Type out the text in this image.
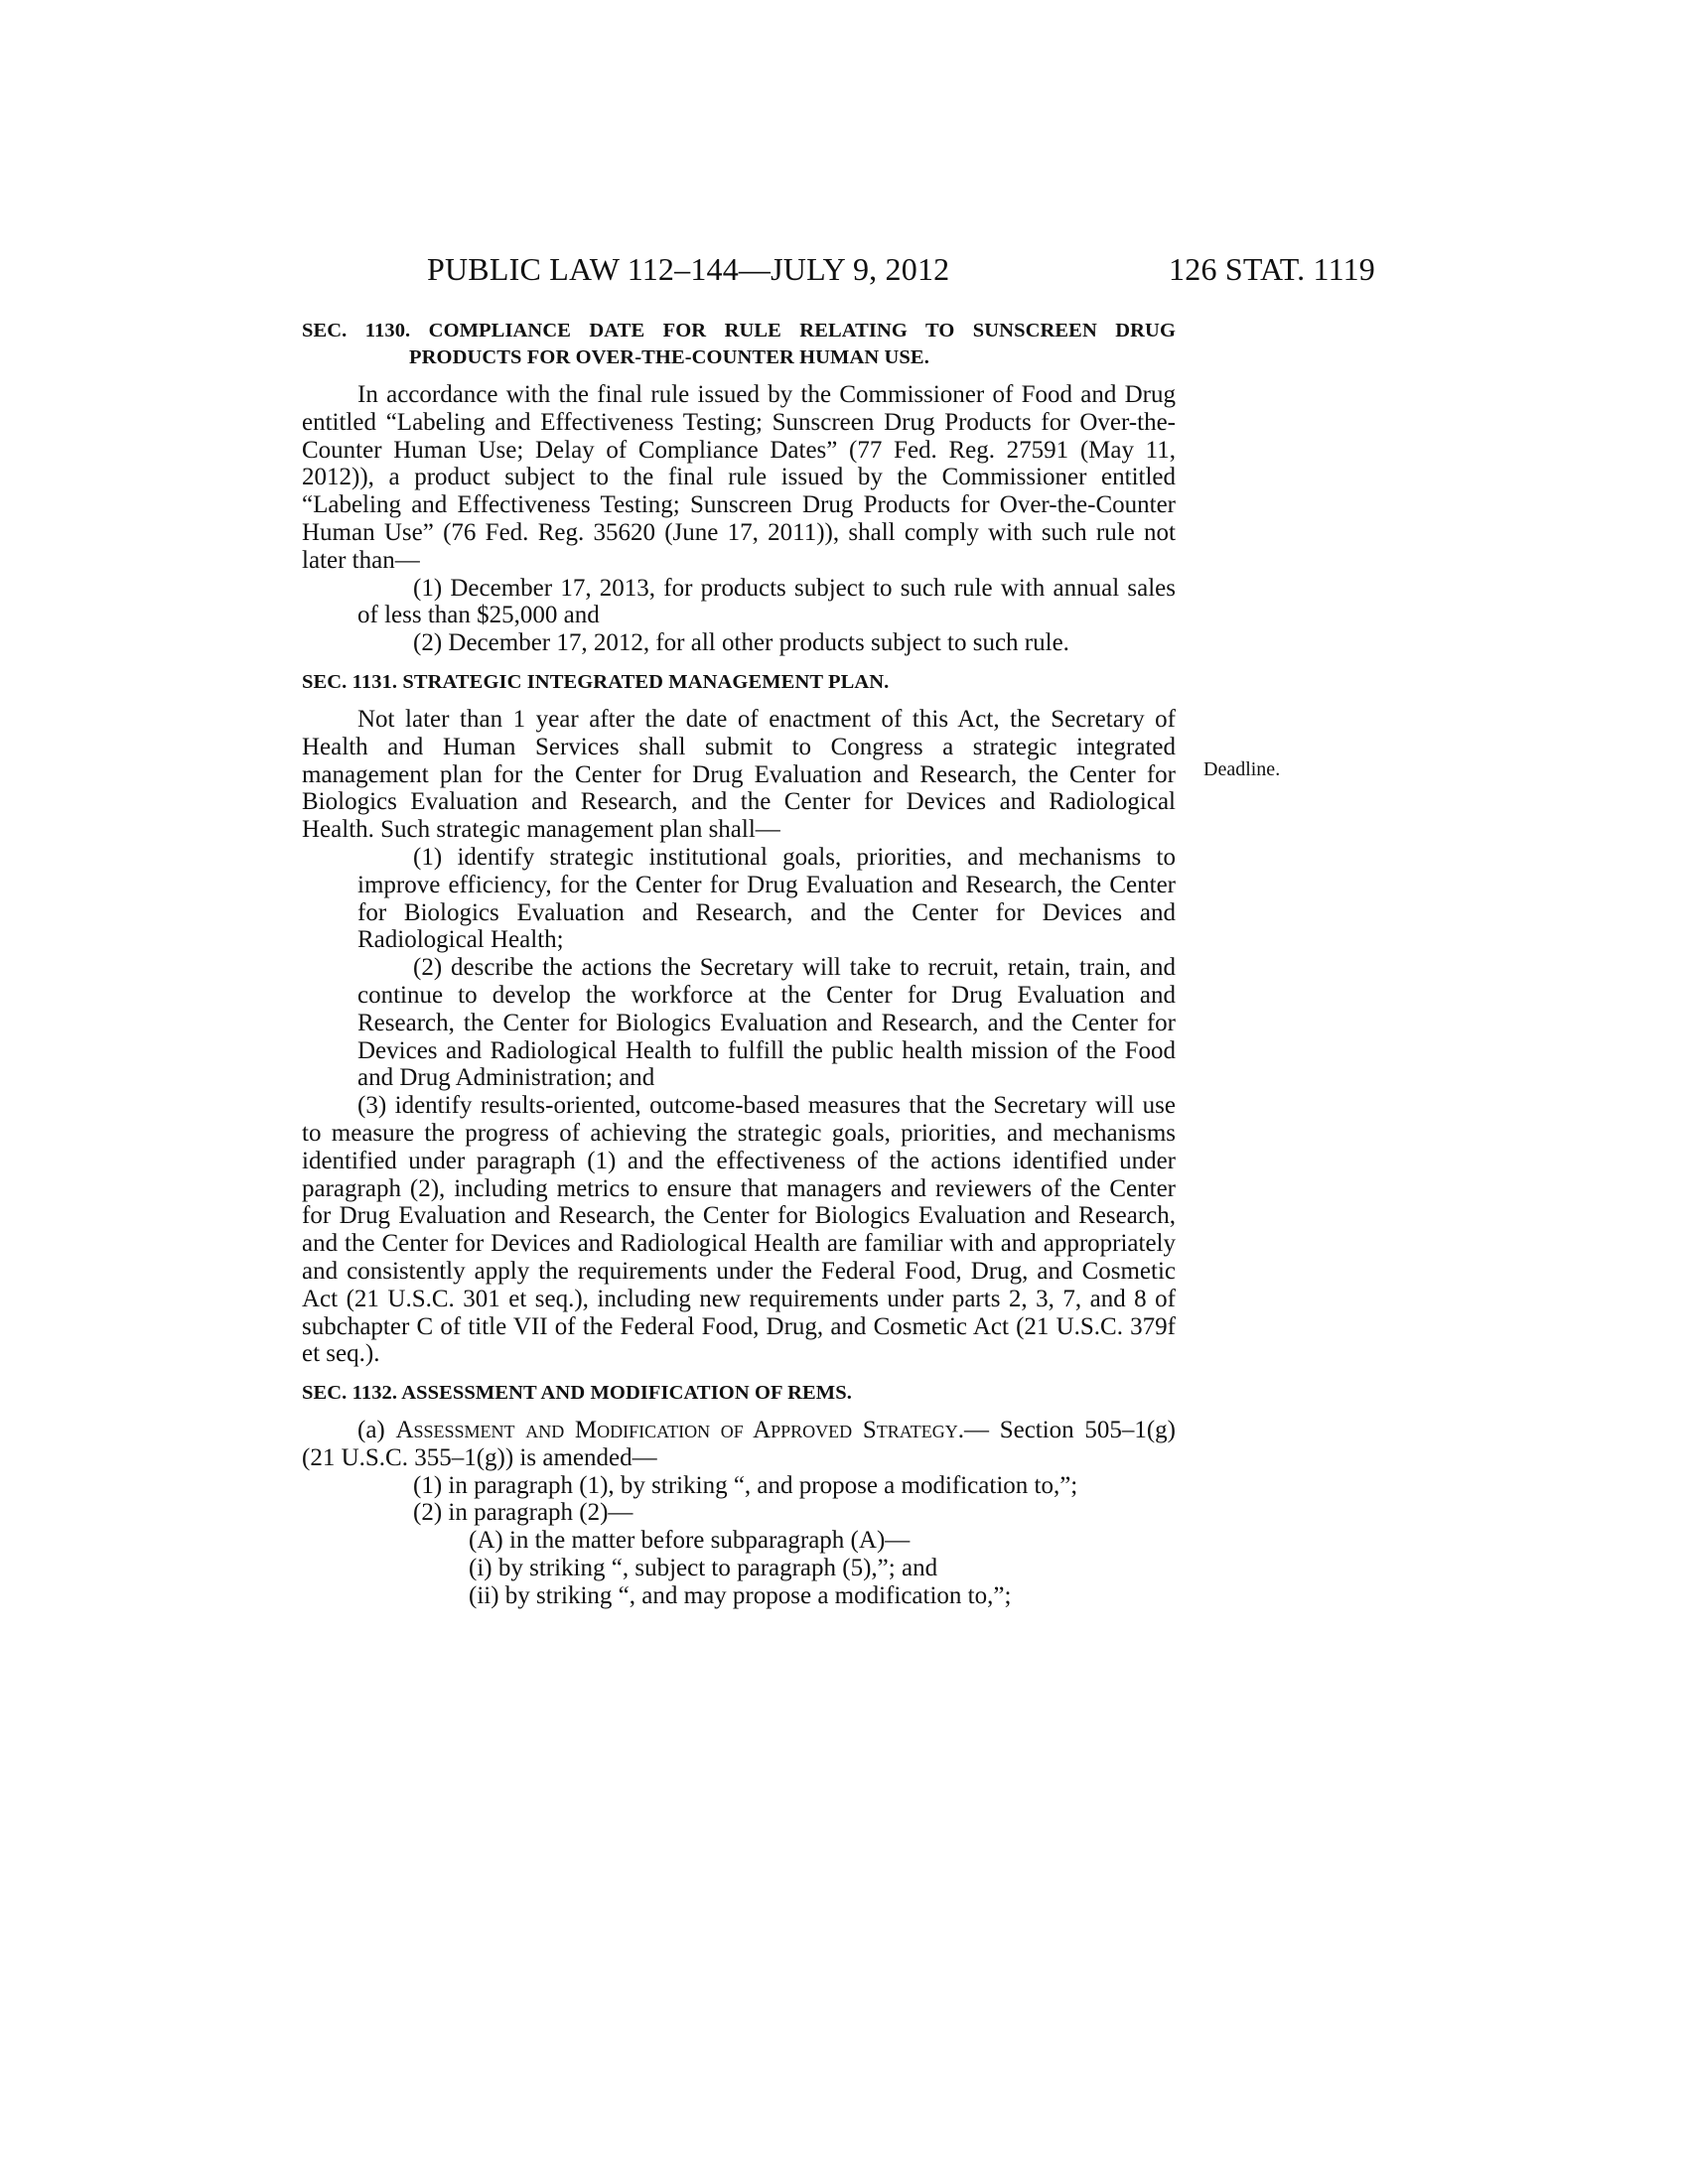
PUBLIC LAW 112–144—JULY 9, 2012	126 STAT. 1119
Deadline.
SEC. 1130. COMPLIANCE DATE FOR RULE RELATING TO SUNSCREEN DRUG PRODUCTS FOR OVER-THE-COUNTER HUMAN USE.

In accordance with the final rule issued by the Commissioner of Food and Drug entitled “Labeling and Effectiveness Testing; Sunscreen Drug Products for Over-the-Counter Human Use; Delay of Compliance Dates” (77 Fed. Reg. 27591 (May 11, 2012)), a product subject to the final rule issued by the Commissioner entitled “Labeling and Effectiveness Testing; Sunscreen Drug Products for Over-the-Counter Human Use” (76 Fed. Reg. 35620 (June 17, 2011)), shall comply with such rule not later than—

(1) December 17, 2013, for products subject to such rule with annual sales of less than $25,000 and

(2) December 17, 2012, for all other products subject to such rule.

SEC. 1131. STRATEGIC INTEGRATED MANAGEMENT PLAN.

Not later than 1 year after the date of enactment of this Act, the Secretary of Health and Human Services shall submit to Congress a strategic integrated management plan for the Center for Drug Evaluation and Research, the Center for Biologics Evaluation and Research, and the Center for Devices and Radiological Health. Such strategic management plan shall—

(1) identify strategic institutional goals, priorities, and mechanisms to improve efficiency, for the Center for Drug Evaluation and Research, the Center for Biologics Evaluation and Research, and the Center for Devices and Radiological Health;

(2) describe the actions the Secretary will take to recruit, retain, train, and continue to develop the workforce at the Center for Drug Evaluation and Research, the Center for Biologics Evaluation and Research, and the Center for Devices and Radiological Health to fulfill the public health mission of the Food and Drug Administration; and

(3) identify results-oriented, outcome-based measures that the Secretary will use to measure the progress of achieving the strategic goals, priorities, and mechanisms identified under paragraph (1) and the effectiveness of the actions identified under paragraph (2), including metrics to ensure that managers and reviewers of the Center for Drug Evaluation and Research, the Center for Biologics Evaluation and Research, and the Center for Devices and Radiological Health are familiar with and appropriately and consistently apply the requirements under the Federal Food, Drug, and Cosmetic Act (21 U.S.C. 301 et seq.), including new requirements under parts 2, 3, 7, and 8 of subchapter C of title VII of the Federal Food, Drug, and Cosmetic Act (21 U.S.C. 379f et seq.).

SEC. 1132. ASSESSMENT AND MODIFICATION OF REMS.

(a) Assessment and Modification of Approved Strategy.— Section 505–1(g) (21 U.S.C. 355–1(g)) is amended—

(1) in paragraph (1), by striking “, and propose a modification to,”;

(2) in paragraph (2)—

(A) in the matter before subparagraph (A)—

(i) by striking “, subject to paragraph (5),”; and

(ii) by striking “, and may propose a modification to,”;
